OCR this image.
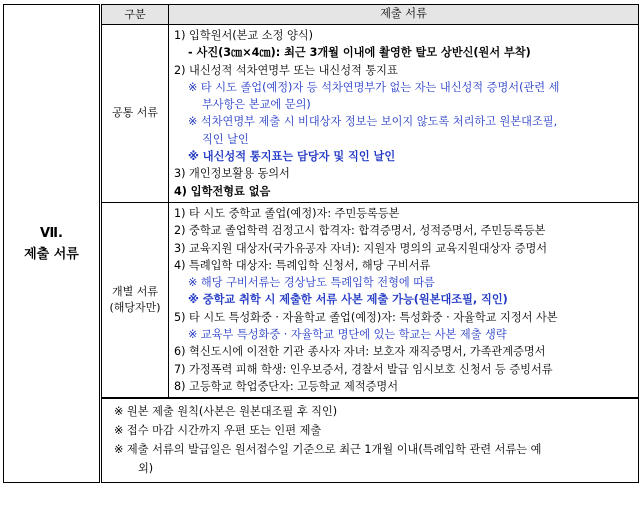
Ⅶ.
제출 서류

구분	제출 서류
공통 서류	
1) 입학원서(본교 소정 양식)
- 사진(3㎝×4㎝): 최근 3개월 이내에 촬영한 탈모 상반신(원서 부착)
2) 내신성적 석차연명부 또는 내신성적 통지표
※ 타 시도 졸업(예정)자 등 석차연명부가 없는 자는 내신성적 증명서(관련 세
부사항은 본교에 문의)
※ 석차연명부 제출 시 비대상자 정보는 보이지 않도록 처리하고 원본대조필,
직인 날인
※ 내신성적 통지표는 담당자 및 직인 날인
3) 개인정보활용 동의서
4) 입학전형료 없음

개별 서류
(해당자만)

1) 타 시도 중학교 졸업(예정)자: 주민등록등본
2) 중학교 졸업학력 검정고시 합격자: 합격증명서, 성적증명서, 주민등록등본
3) 교육지원 대상자(국가유공자 자녀): 지원자 명의의 교육지원대상자 증명서
4) 특례입학 대상자: 특례입학 신청서, 해당 구비서류
※ 해당 구비서류는 경상남도 특례입학 전형에 따름
※ 중학교 취학 시 제출한 서류 사본 제출 가능(원본대조필, 직인)
5) 타 시도 특성화중 · 자율학교 졸업(예정)자: 특성화중 · 자율학교 지정서 사본
※ 교육부 특성화중 · 자율학교 명단에 있는 학교는 사본 제출 생략
6) 혁신도시에 이전한 기관 종사자 자녀: 보호자 재직증명서, 가족관계증명서
7) 가정폭력 피해 학생: 인우보증서, 경찰서 발급 임시보호 신청서 등 증빙서류
8) 고등학교 학업중단자: 고등학교 제적증명서
※ 원본 제출 원칙(사본은 원본대조필 후 직인)
※ 접수 마감 시간까지 우편 또는 인편 제출
※ 제출 서류의 발급일은 원서접수일 기준으로 최근 1개월 이내(특례입학 관련 서류는 예
외)
